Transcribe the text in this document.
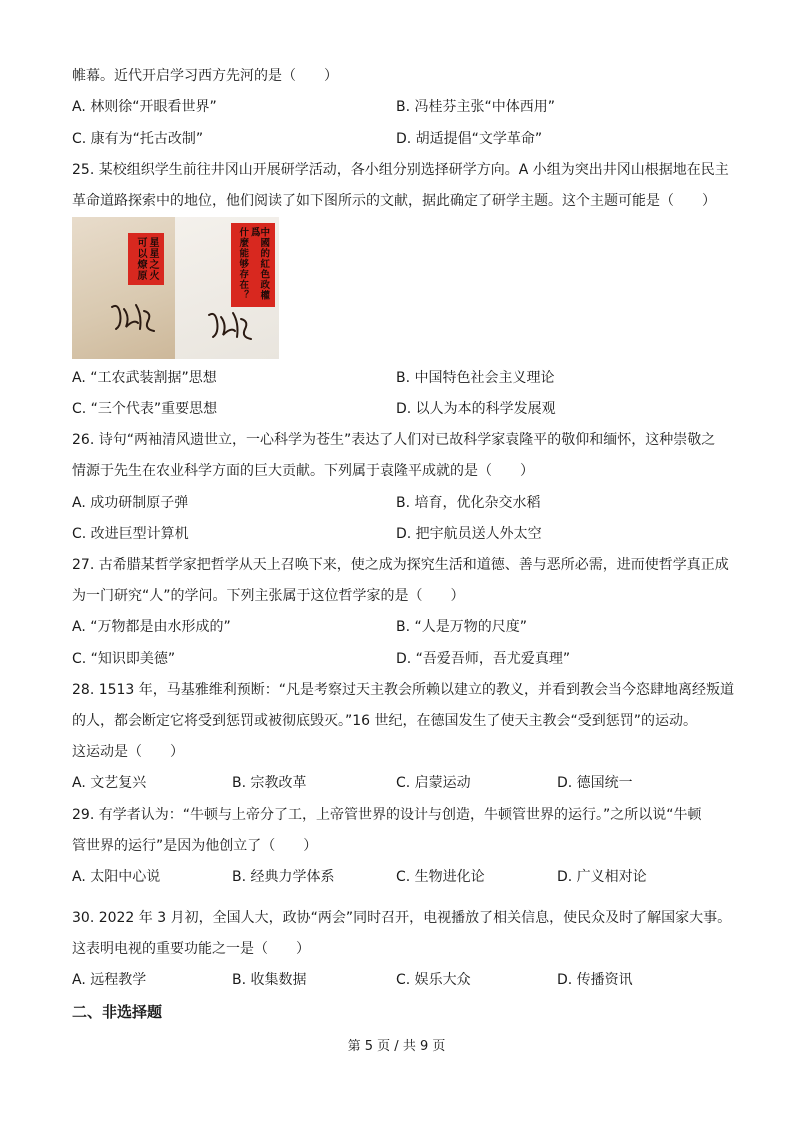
帷幕。近代开启学习西方先河的是（　　）
A. 林则徐“开眼看世界”	B. 冯桂芬主张“中体西用”
C. 康有为“托古改制”	D. 胡适提倡“文学革命”
25. 某校组织学生前往井冈山开展研学活动，各小组分别选择研学方向。A 小组为突出井冈山根据地在民主
革命道路探索中的地位，他们阅读了如下图所示的文献，据此确定了研学主题。这个主题可能是（　　）
星星之火
可以燎原	中國的紅色政權爲
什麼能够存在？
A. “工农武装割据”思想	B. 中国特色社会主义理论
C. “三个代表”重要思想	D. 以人为本的科学发展观
26. 诗句“两袖清风遗世立，一心科学为苍生”表达了人们对已故科学家袁隆平的敬仰和缅怀，这种崇敬之
情源于先生在农业科学方面的巨大贡献。下列属于袁隆平成就的是（　　）
A. 成功研制原子弹	B. 培育，优化杂交水稻
C. 改进巨型计算机	D. 把宇航员送人外太空
27. 古希腊某哲学家把哲学从天上召唤下来，使之成为探究生活和道德、善与恶所必需，进而使哲学真正成
为一门研究“人”的学问。下列主张属于这位哲学家的是（　　）
A. “万物都是由水形成的”	B. “人是万物的尺度”
C. “知识即美德”	D. “吾爱吾师，吾尤爱真理”
28. 1513 年，马基雅维利预断：“凡是考察过天主教会所赖以建立的教义，并看到教会当今恣肆地离经叛道
的人，都会断定它将受到惩罚或被彻底毁灭。”16 世纪，在德国发生了使天主教会“受到惩罚”的运动。
这运动是（　　）
A. 文艺复兴	B. 宗教改革	C. 启蒙运动	D. 德国统一
29. 有学者认为：“牛顿与上帝分了工，上帝管世界的设计与创造，牛顿管世界的运行。”之所以说“牛顿
管世界的运行”是因为他创立了（　　）
A. 太阳中心说	B. 经典力学体系	C. 生物进化论	D. 广义相对论
30. 2022 年 3 月初，全国人大，政协“两会”同时召开，电视播放了相关信息，使民众及时了解国家大事。
这表明电视的重要功能之一是（　　）
A. 远程教学	B. 收集数据	C. 娱乐大众	D. 传播资讯
二、非选择题
第 5 页 / 共 9 页
